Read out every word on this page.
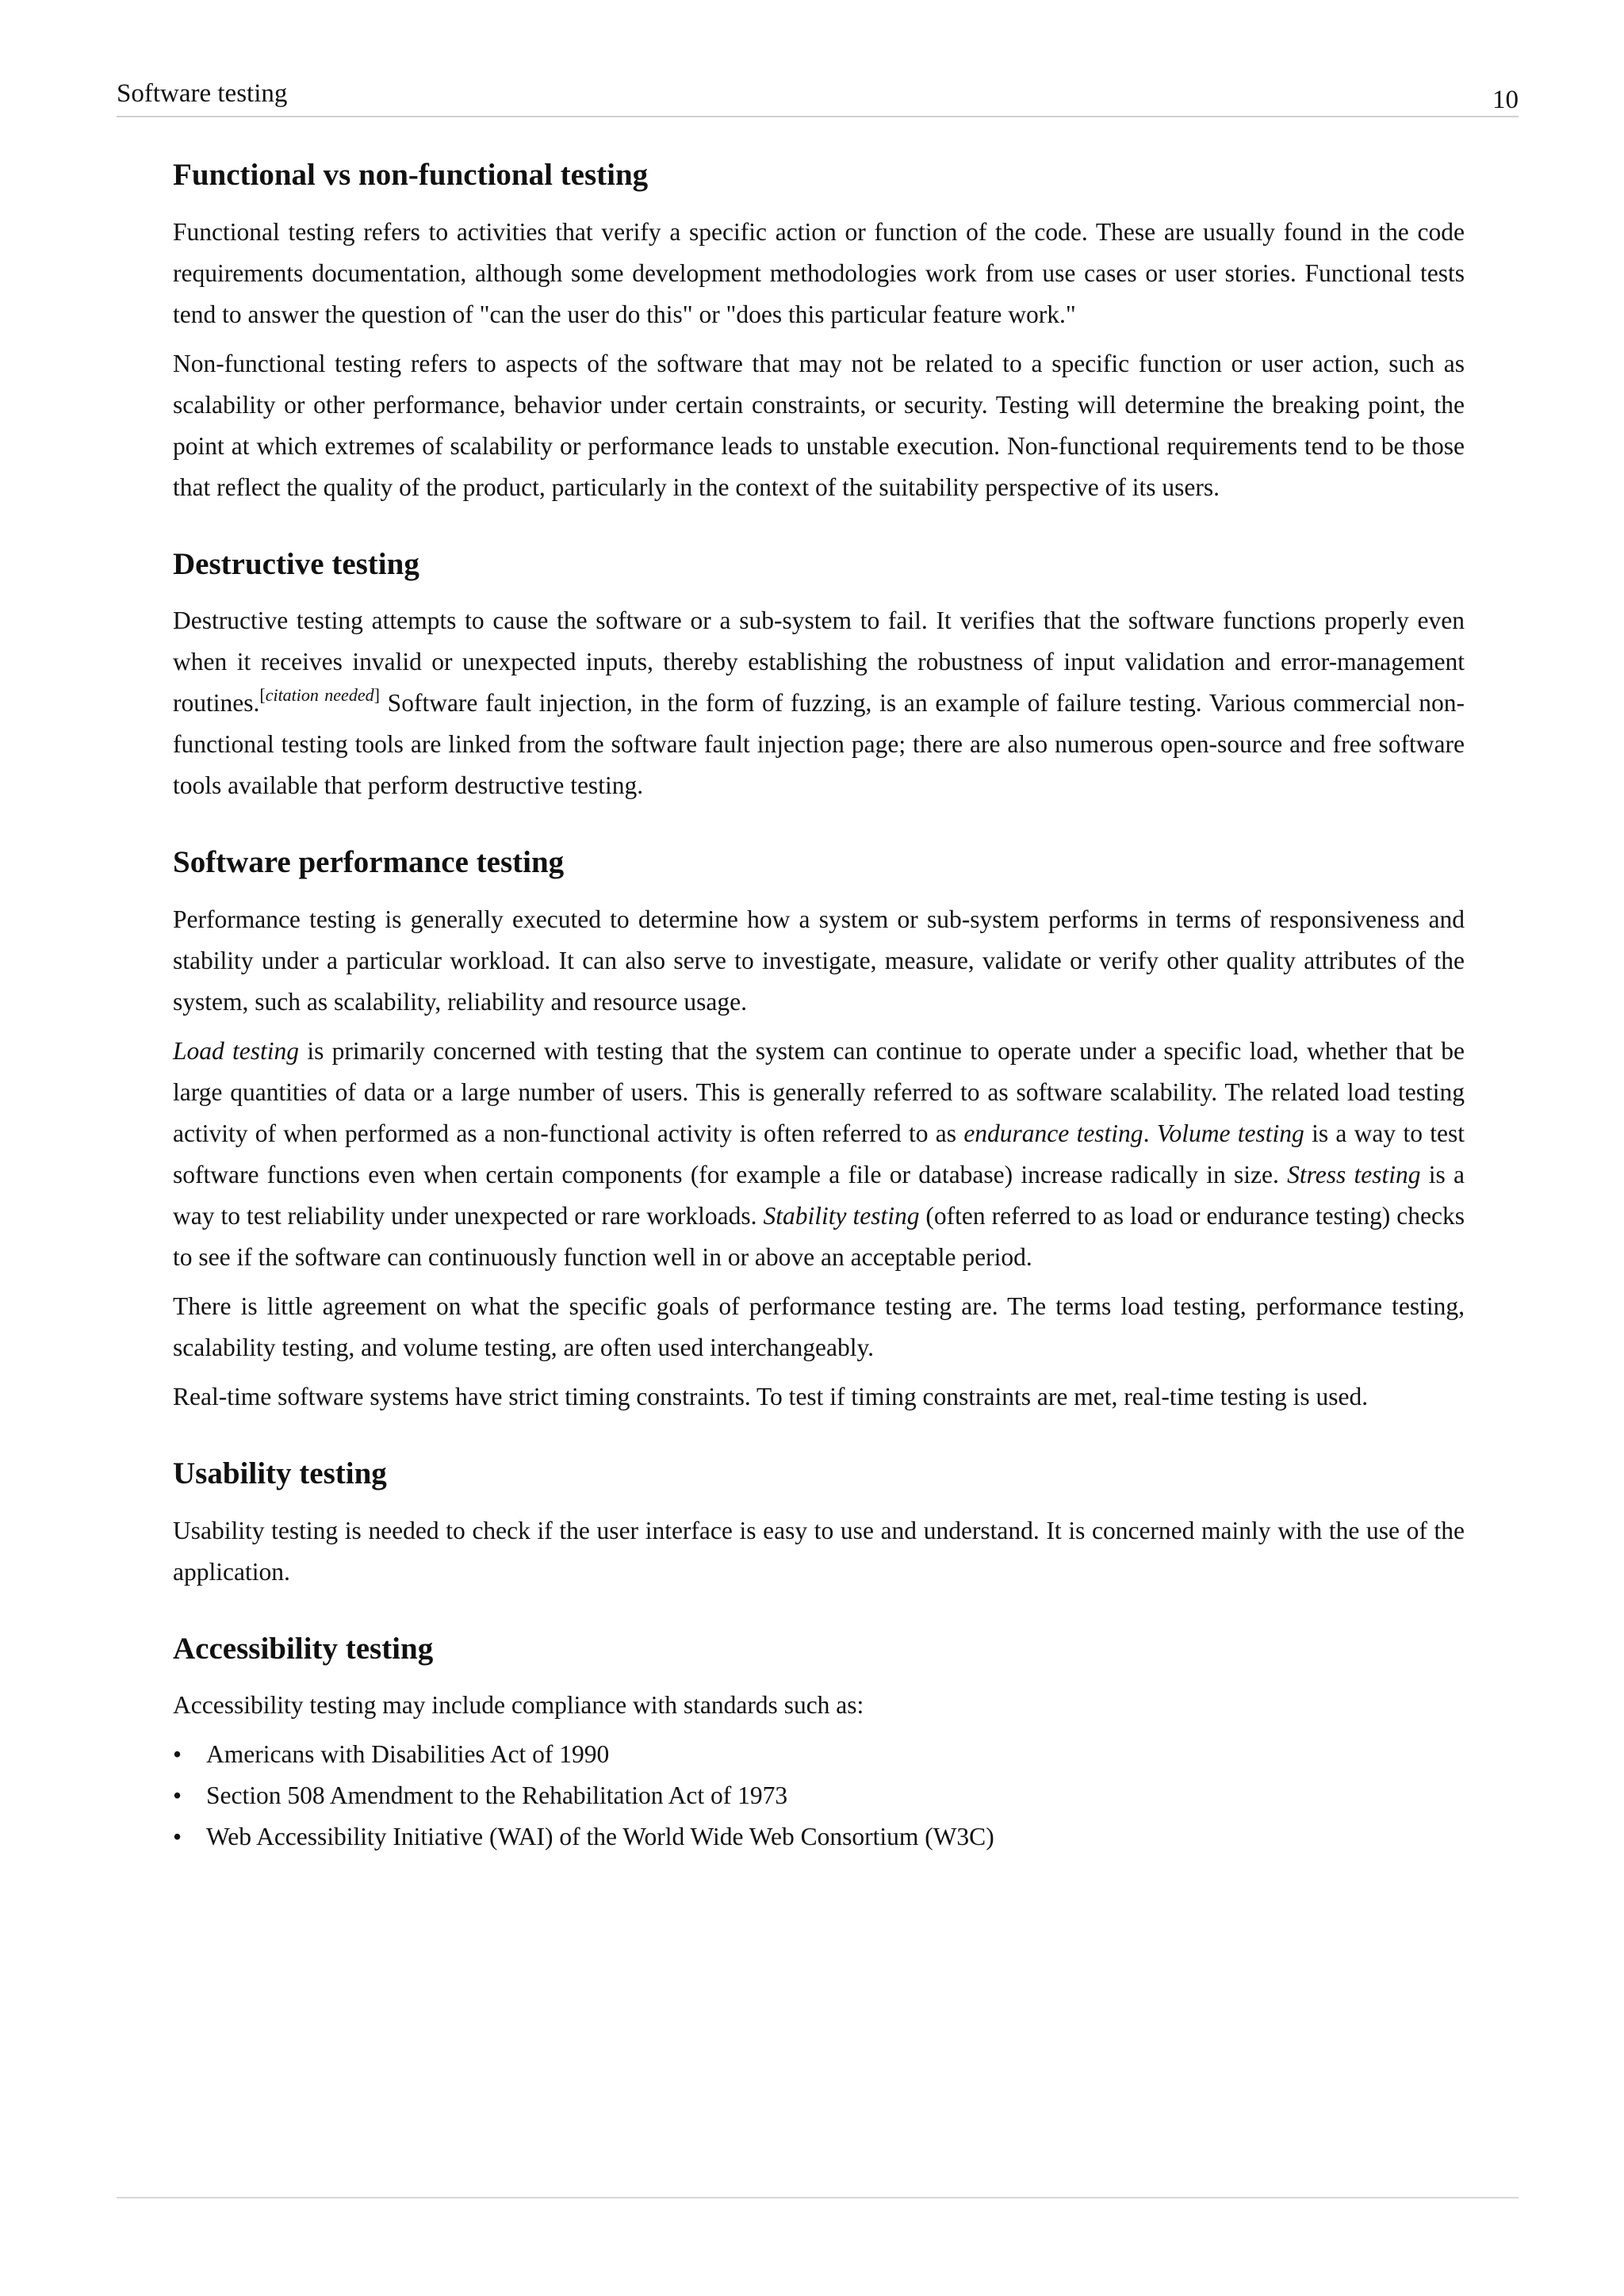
Software testing	10
Functional vs non-functional testing

Functional testing refers to activities that verify a specific action or function of the code. These are usually found in the code requirements documentation, although some development methodologies work from use cases or user stories. Functional tests tend to answer the question of "can the user do this" or "does this particular feature work."

Non-functional testing refers to aspects of the software that may not be related to a specific function or user action, such as scalability or other performance, behavior under certain constraints, or security. Testing will determine the breaking point, the point at which extremes of scalability or performance leads to unstable execution. Non-functional requirements tend to be those that reflect the quality of the product, particularly in the context of the suitability perspective of its users.

Destructive testing

Destructive testing attempts to cause the software or a sub-system to fail. It verifies that the software functions properly even when it receives invalid or unexpected inputs, thereby establishing the robustness of input validation and error-management routines.[citation needed] Software fault injection, in the form of fuzzing, is an example of failure testing. Various commercial non-functional testing tools are linked from the software fault injection page; there are also numerous open-source and free software tools available that perform destructive testing.

Software performance testing

Performance testing is generally executed to determine how a system or sub-system performs in terms of responsiveness and stability under a particular workload. It can also serve to investigate, measure, validate or verify other quality attributes of the system, such as scalability, reliability and resource usage.

Load testing is primarily concerned with testing that the system can continue to operate under a specific load, whether that be large quantities of data or a large number of users. This is generally referred to as software scalability. The related load testing activity of when performed as a non-functional activity is often referred to as endurance testing. Volume testing is a way to test software functions even when certain components (for example a file or database) increase radically in size. Stress testing is a way to test reliability under unexpected or rare workloads. Stability testing (often referred to as load or endurance testing) checks to see if the software can continuously function well in or above an acceptable period.

There is little agreement on what the specific goals of performance testing are. The terms load testing, performance testing, scalability testing, and volume testing, are often used interchangeably.

Real-time software systems have strict timing constraints. To test if timing constraints are met, real-time testing is used.

Usability testing

Usability testing is needed to check if the user interface is easy to use and understand. It is concerned mainly with the use of the application.

Accessibility testing

Accessibility testing may include compliance with standards such as:

• Americans with Disabilities Act of 1990
• Section 508 Amendment to the Rehabilitation Act of 1973
• Web Accessibility Initiative (WAI) of the World Wide Web Consortium (W3C)
